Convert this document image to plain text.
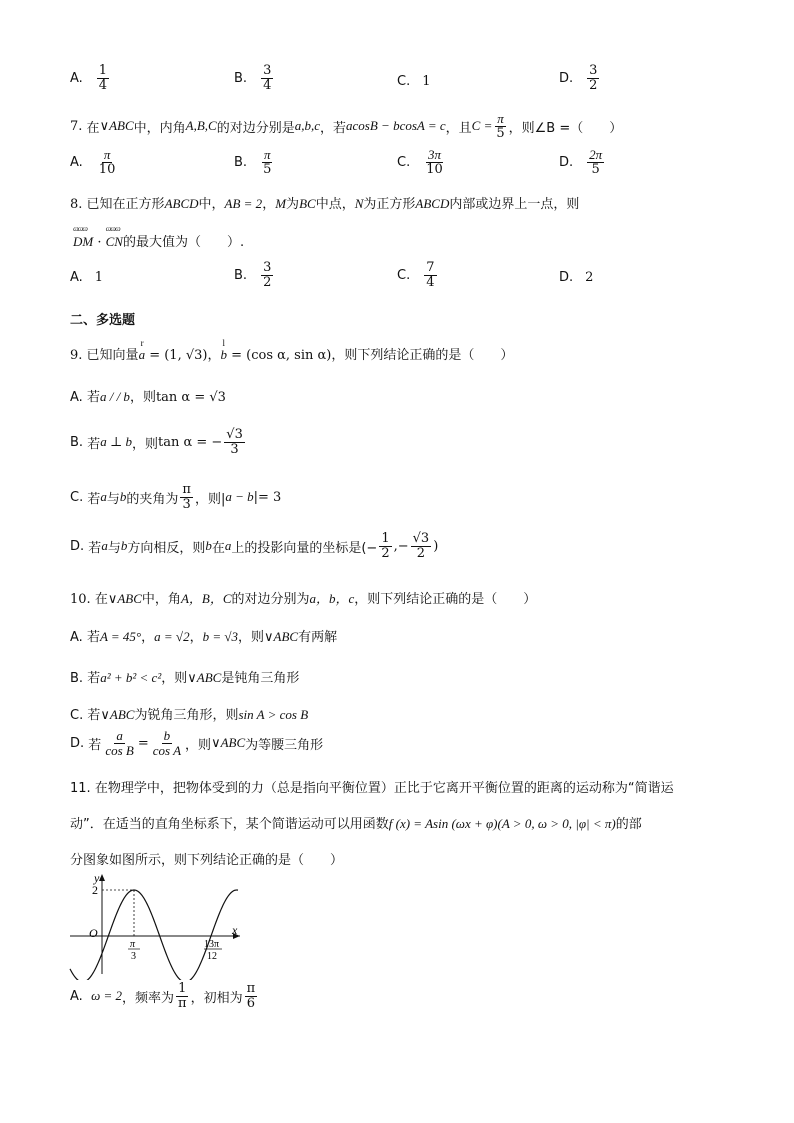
A. $\frac{1}{4}$	B. $\frac{3}{4}$	C. 1	D. $\frac{3}{2}$
7.
在 ∨ABC 中，内角 A,B,C 的对边分别是 a,b,c ，若 acosB − bcosA = c ，且 $C = \frac{\pi}{5}$ ，则∠B =（　　）
A. $\frac{\pi}{10}$	B. $\frac{\pi}{5}$	C. $\frac{3\pi}{10}$	D. $\frac{2\pi}{5}$
8. 已知在正方形ABCD中，AB = 2，M为BC中点，N为正方形ABCD内部或边界上一点，则
ɷɷɷ DM · ɷɷɷ CN的最大值为（　　）.
A. 1	B. $\frac{3}{2}$	C. $\frac{7}{4}$	D. 2
二、多选题
9. 已知向量r a = (1, √3)，l b = (cos α, sin α)，则下列结论正确的是（　　）
A. 若a / / b，则tan α = √3
B.
若 a ⊥ b ，则 tan α = − $\frac{√3}{3}$
C.
若 a 与 b 的夹角为 $\frac{\pi}{3}$ ，则| a − b |= 3
D.
若 a 与 b 方向相反，则 b 在 a 上的投影向量的坐标是(− $\frac{1}{2}$ ,− $\frac{√3}{2}$ )
10. 在∨ABC中，角A，B，C的对边分别为a，b，c，则下列结论正确的是（　　）
A. 若A = 45°，a = √2，b = √3，则∨ABC有两解
B. 若a² + b² < c²，则∨ABC是钝角三角形
C. 若∨ABC为锐角三角形，则sin A > cos B
D.
若 $\frac{a}{\text{cos B}} = \frac{b}{\text{cos A}}$ ，则 ∨ABC 为等腰三角形
11. 在物理学中，把物体受到的力（总是指向平衡位置）正比于它离开平衡位置的距离的运动称为“简谐运
动”．在适当的直角坐标系下，某个简谐运动可以用函数f (x) = Asin (ωx + φ)(A > 0, ω > 0, |φ| < π)的部
分图象如图所示，则下列结论正确的是（　　）
y
x
O
2
π
3
13π
12
A.
ω = 2 ，频率为 $\frac{1}{\pi}$ ，初相为 $\frac{\pi}{6}$
